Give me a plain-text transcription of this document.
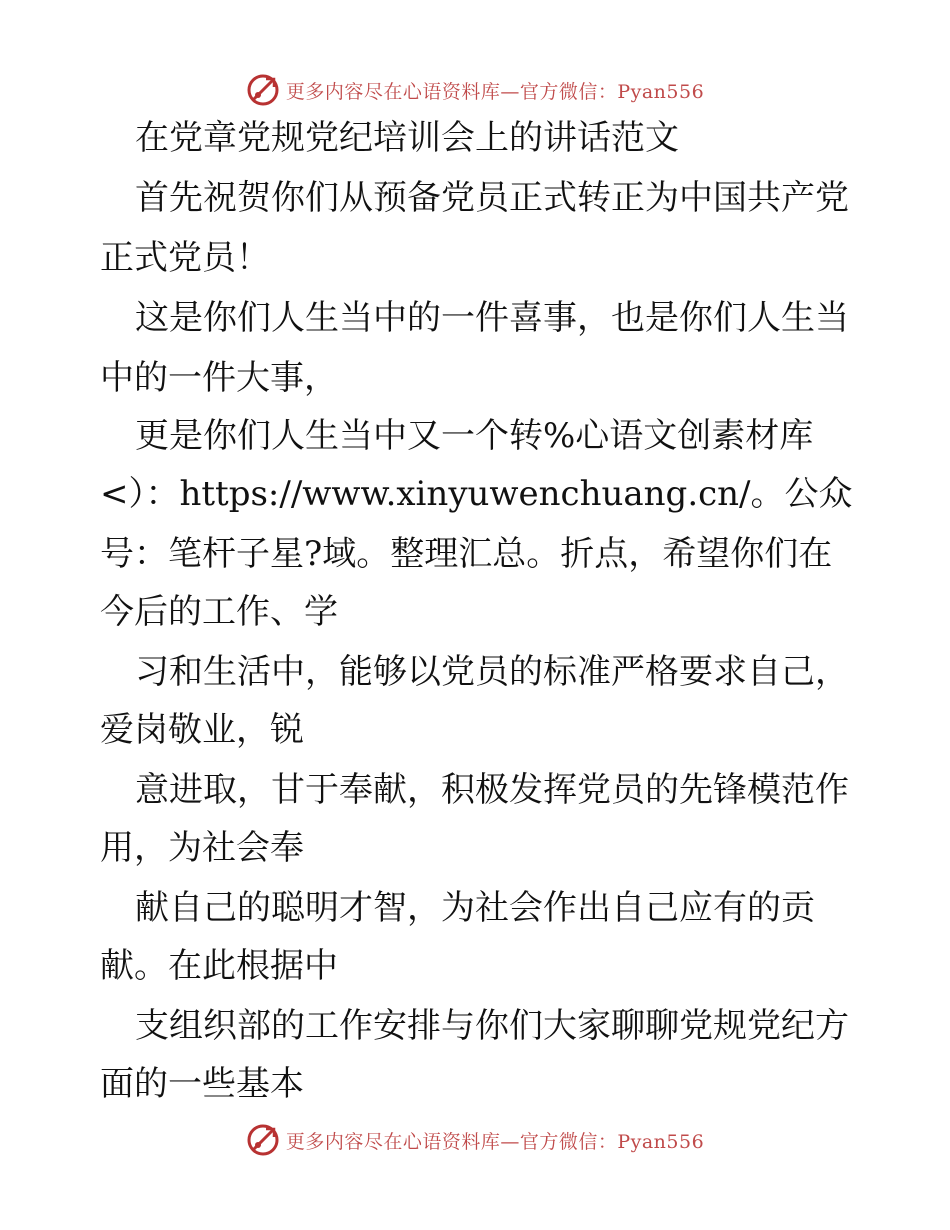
更多内容尽在心语资料库—官方微信：Pyan556
在党章党规党纪培训会上的讲话范文
首先祝贺你们从预备党员正式转正为中国共产党
正式党员！
这是你们人生当中的一件喜事，也是你们人生当
中的一件大事，
更是你们人生当中又一个转%心语文创素材库
<）：https://www.xinyuwenchuang.cn/。公众
号：笔杆子星?域。整理汇总。折点，希望你们在
今后的工作、学
习和生活中，能够以党员的标准严格要求自己，
爱岗敬业，锐
意进取，甘于奉献，积极发挥党员的先锋模范作
用，为社会奉
献自己的聪明才智，为社会作出自己应有的贡
献。在此根据中
支组织部的工作安排与你们大家聊聊党规党纪方
面的一些基本
更多内容尽在心语资料库—官方微信：Pyan556
